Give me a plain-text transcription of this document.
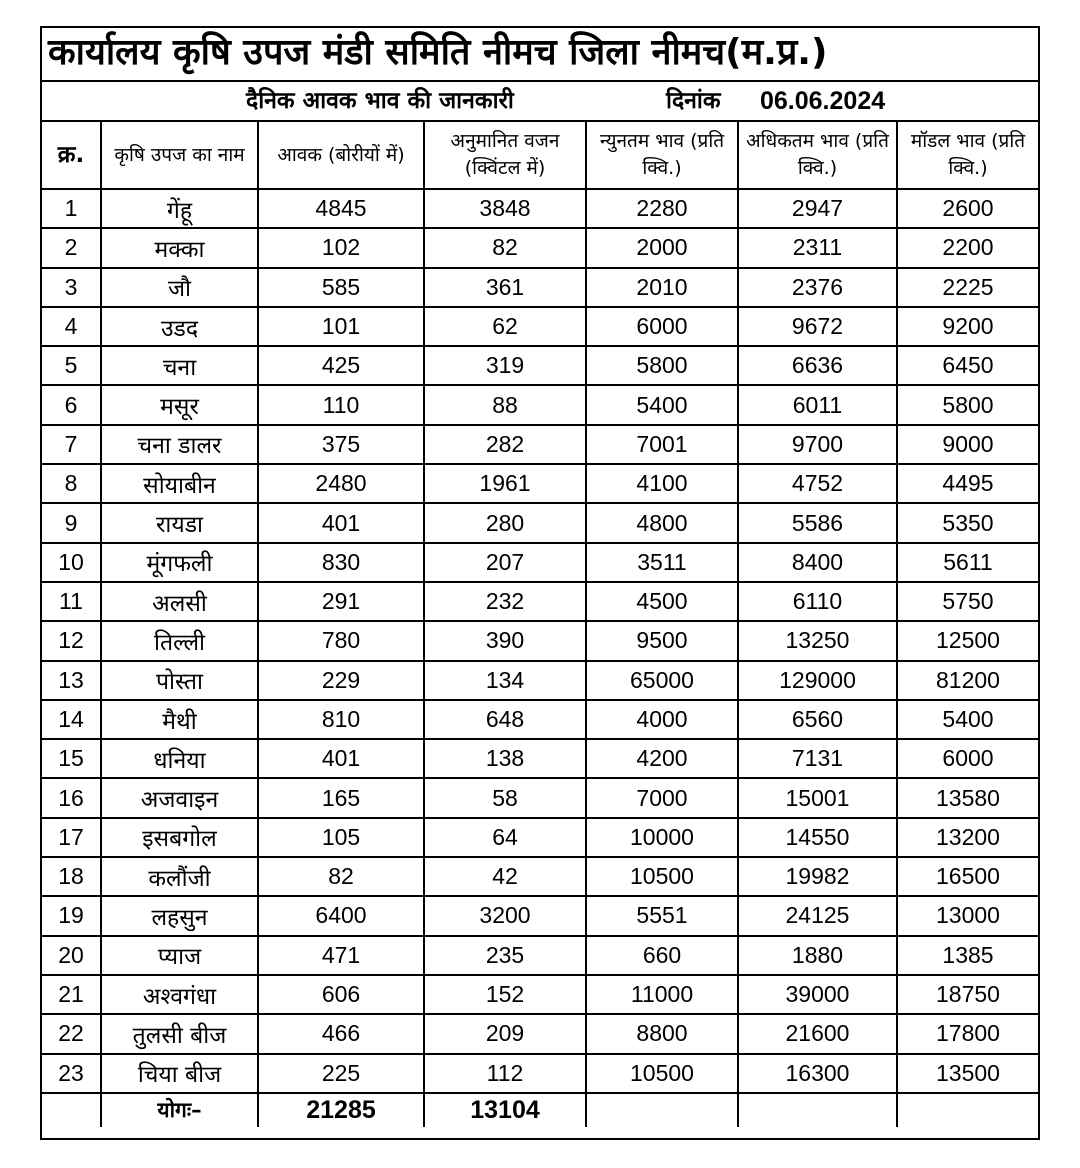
कार्यालय कृषि उपज मंडी समिति नीमच जिला नीमच(म.प्र.)
दैनिक आवक भाव की जानकारी	दिनांक 06.06.2024
क्र.	कृषि उपज का नाम	आवक (बोरीयों में)	अनुमानित वजन (क्विंटल में)	न्युनतम भाव (प्रति क्वि.)	अधिकतम भाव (प्रति क्वि.)	मॉडल भाव (प्रति क्वि.)
1	गेंहू	4845	3848	2280	2947	2600
2	मक्का	102	82	2000	2311	2200
3	जौ	585	361	2010	2376	2225
4	उडद	101	62	6000	9672	9200
5	चना	425	319	5800	6636	6450
6	मसूर	110	88	5400	6011	5800
7	चना डालर	375	282	7001	9700	9000
8	सोयाबीन	2480	1961	4100	4752	4495
9	रायडा	401	280	4800	5586	5350
10	मूंगफली	830	207	3511	8400	5611
11	अलसी	291	232	4500	6110	5750
12	तिल्ली	780	390	9500	13250	12500
13	पोस्ता	229	134	65000	129000	81200
14	मैथी	810	648	4000	6560	5400
15	धनिया	401	138	4200	7131	6000
16	अजवाइन	165	58	7000	15001	13580
17	इसबगोल	105	64	10000	14550	13200
18	कलौंजी	82	42	10500	19982	16500
19	लहसुन	6400	3200	5551	24125	13000
20	प्याज	471	235	660	1880	1385
21	अश्वगंधा	606	152	11000	39000	18750
22	तुलसी बीज	466	209	8800	21600	17800
23	चिया बीज	225	112	10500	16300	13500
	योगः–	21285	13104			
